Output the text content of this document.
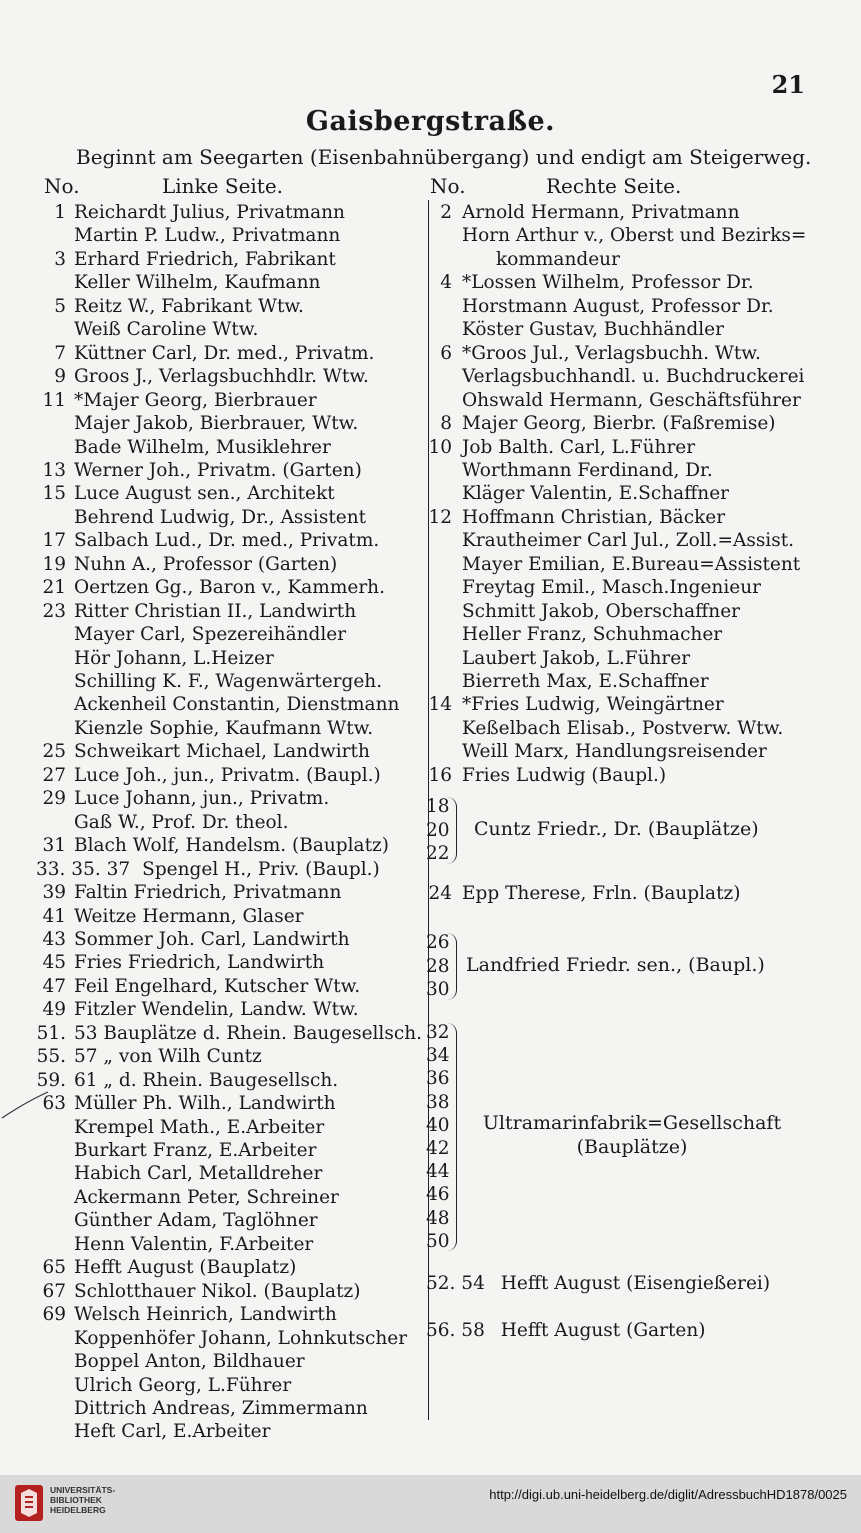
21
Gaisbergstraße.
Beginnt am Seegarten (Eisenbahnübergang) und endigt am Steigerweg.
No.	Linke Seite.	No.	Rechte Seite.
1 Reichardt Julius, Privatmann
Martin P. Ludw., Privatmann
3 Erhard Friedrich, Fabrikant
Keller Wilhelm, Kaufmann
5 Reitz W., Fabrikant Wtw.
Weiß Caroline Wtw.
7 Küttner Carl, Dr. med., Privatm.
9 Groos J., Verlagsbuchhdlr. Wtw.
11 *Majer Georg, Bierbrauer
Majer Jakob, Bierbrauer, Wtw.
Bade Wilhelm, Musiklehrer
13 Werner Joh., Privatm. (Garten)
15 Luce August sen., Architekt
Behrend Ludwig, Dr., Assistent
17 Salbach Lud., Dr. med., Privatm.
19 Nuhn A., Professor (Garten)
21 Oertzen Gg., Baron v., Kammerh.
23 Ritter Christian II., Landwirth
Mayer Carl, Spezereihändler
Hör Johann, L.Heizer
Schilling K. F., Wagenwärtergeh.
Ackenheil Constantin, Dienstmann
Kienzle Sophie, Kaufmann Wtw.
25 Schweikart Michael, Landwirth
27 Luce Joh., jun., Privatm. (Baupl.)
29 Luce Johann, jun., Privatm.
Gaß W., Prof. Dr. theol.
31 Blach Wolf, Handelsm. (Bauplatz)
33. 35. 37 Spengel H., Priv. (Baupl.)
39 Faltin Friedrich, Privatmann
41 Weitze Hermann, Glaser
43 Sommer Joh. Carl, Landwirth
45 Fries Friedrich, Landwirth
47 Feil Engelhard, Kutscher Wtw.
49 Fitzler Wendelin, Landw. Wtw.
51. 53 Bauplätze d. Rhein. Baugesellsch.
55. 57 „ von Wilh Cuntz
59. 61 „ d. Rhein. Baugesellsch.
63 Müller Ph. Wilh., Landwirth
Krempel Math., E.Arbeiter
Burkart Franz, E.Arbeiter
Habich Carl, Metalldreher
Ackermann Peter, Schreiner
Günther Adam, Taglöhner
Henn Valentin, F.Arbeiter
65 Hefft August (Bauplatz)
67 Schlotthauer Nikol. (Bauplatz)
69 Welsch Heinrich, Landwirth
Koppenhöfer Johann, Lohnkutscher
Boppel Anton, Bildhauer
Ulrich Georg, L.Führer
Dittrich Andreas, Zimmermann
Heft Carl, E.Arbeiter
2 Arnold Hermann, Privatmann
Horn Arthur v., Oberst und Bezirks=
kommandeur
4 *Lossen Wilhelm, Professor Dr.
Horstmann August, Professor Dr.
Köster Gustav, Buchhändler
6 *Groos Jul., Verlagsbuchh. Wtw.
Verlagsbuchhandl. u. Buchdruckerei
Ohswald Hermann, Geschäftsführer
8 Majer Georg, Bierbr. (Faßremise)
10 Job Balth. Carl, L.Führer
Worthmann Ferdinand, Dr.
Kläger Valentin, E.Schaffner
12 Hoffmann Christian, Bäcker
Krautheimer Carl Jul., Zoll.=Assist.
Mayer Emilian, E.Bureau=Assistent
Freytag Emil., Masch.Ingenieur
Schmitt Jakob, Oberschaffner
Heller Franz, Schuhmacher
Laubert Jakob, L.Führer
Bierreth Max, E.Schaffner
14 *Fries Ludwig, Weingärtner
Keßelbach Elisab., Postverw. Wtw.
Weill Marx, Handlungsreisender
16 Fries Ludwig (Baupl.)
18
20
22
Cuntz Friedr., Dr. (Bauplätze)
24 Epp Therese, Frln. (Bauplatz)
26
28
30
Landfried Friedr. sen., (Baupl.)
32
34
36
38
40
42
44
46
48
50
Ultramarinfabrik=Gesellschaft
(Bauplätze)
52. 54 Hefft August (Eisengießerei)
56. 58 Hefft August (Garten)
UNIVERSITÄTS-
BIBLIOTHEK
HEIDELBERG
http://digi.ub.uni-heidelberg.de/diglit/AdressbuchHD1878/0025
